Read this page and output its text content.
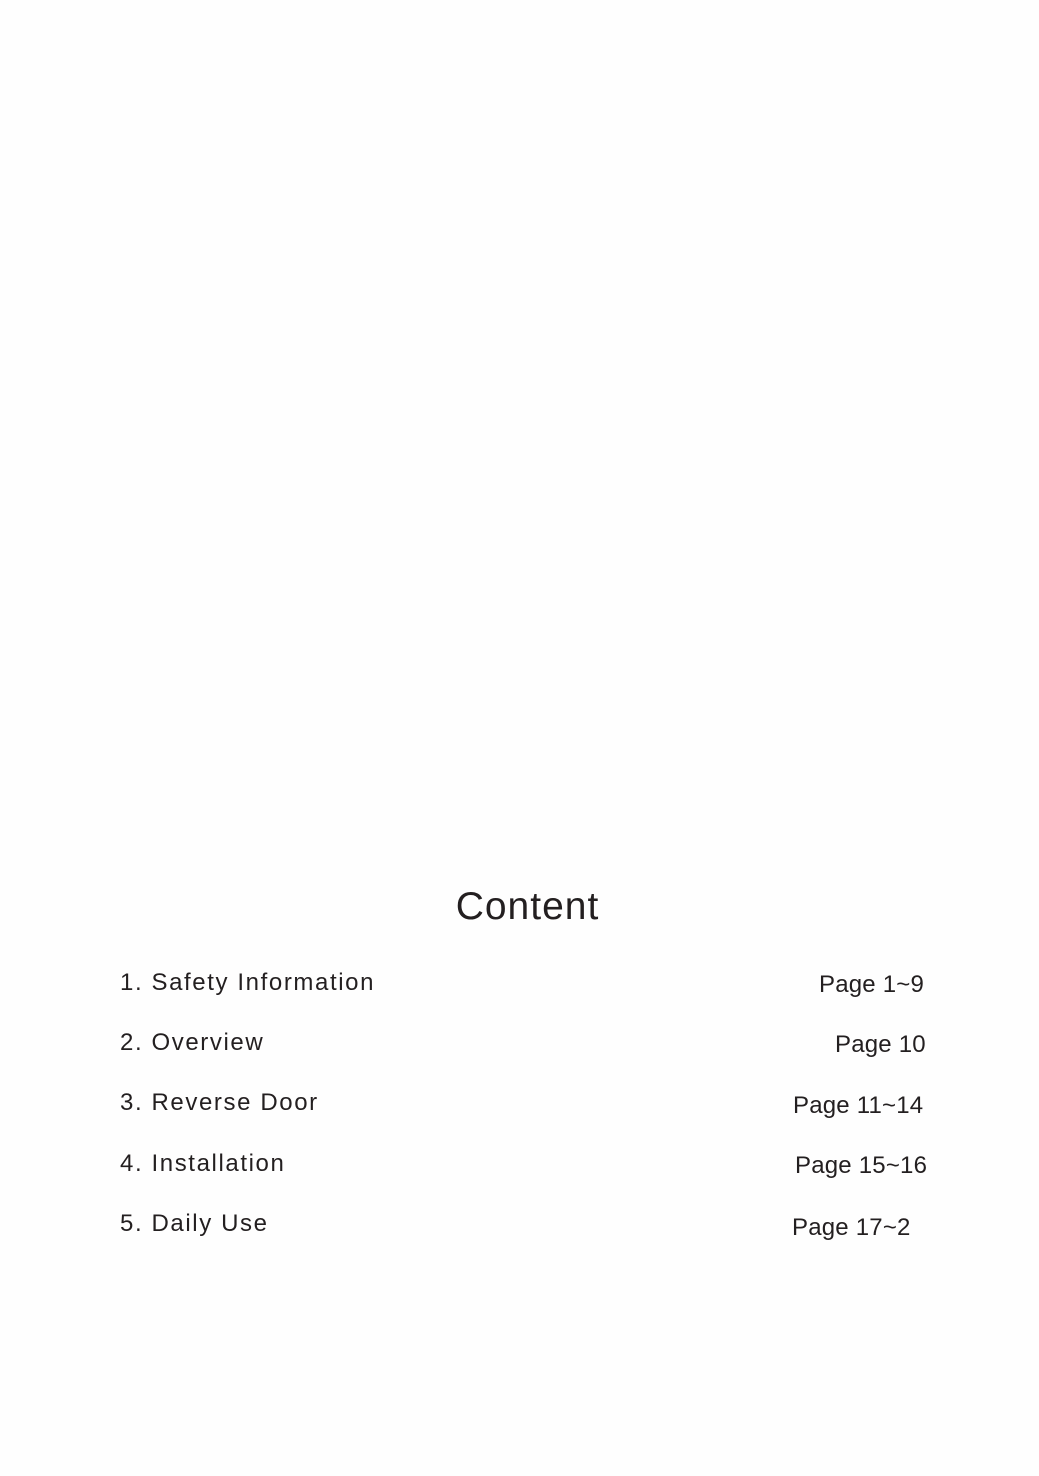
Content
1. Safety Information	Page 1~9
2. Overview	Page 10
3. Reverse Door	Page 11~14
4. Installation	Page 15~16
5. Daily Use	Page 17~2
